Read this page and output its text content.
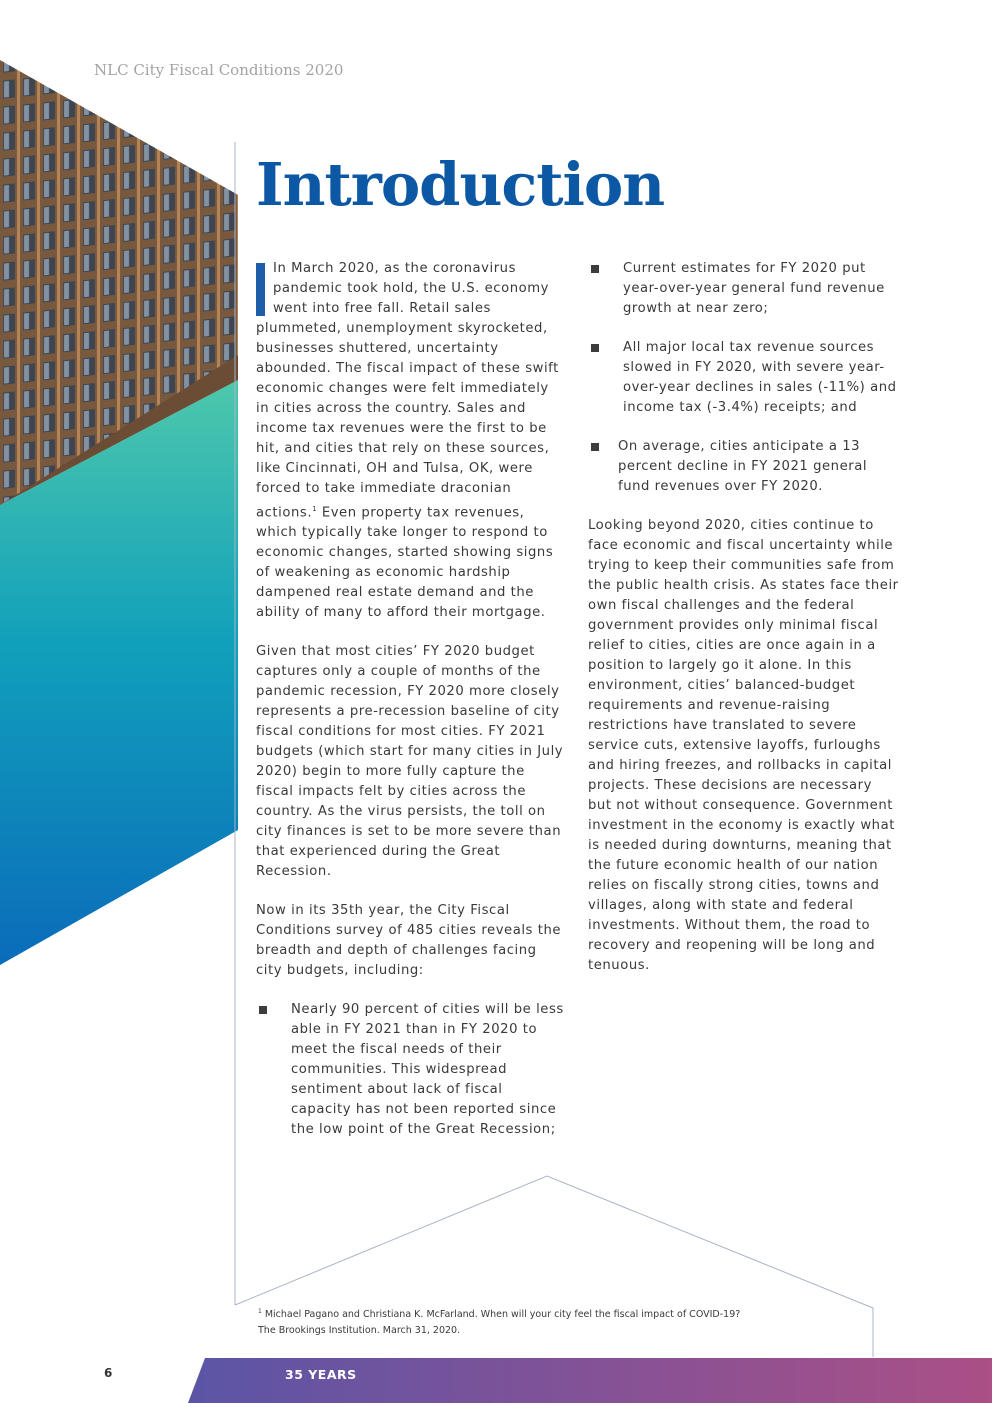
NLC City Fiscal Conditions 2020
Introduction

In March 2020, as the coronavirus pandemic took hold, the U.S. economy went into free fall. Retail sales plummeted, unemployment skyrocketed, businesses shuttered, uncertainty abounded. The fiscal impact of these swift economic changes were felt immediately in cities across the country. Sales and income tax revenues were the first to be hit, and cities that rely on these sources, like Cincinnati, OH and Tulsa, OK, were forced to take immediate draconian actions.$^1$ Even property tax revenues, which typically take longer to respond to economic changes, started showing signs of weakening as economic hardship dampened real estate demand and the ability of many to afford their mortgage.

Given that most cities’ FY 2020 budget captures only a couple of months of the pandemic recession, FY 2020 more closely represents a pre-recession baseline of city fiscal conditions for most cities. FY 2021 budgets (which start for many cities in July 2020) begin to more fully capture the fiscal impacts felt by cities across the country. As the virus persists, the toll on city finances is set to be more severe than that experienced during the Great Recession.

Now in its 35th year, the City Fiscal Conditions survey of 485 cities reveals the breadth and depth of challenges facing city budgets, including:

Nearly 90 percent of cities will be less able in FY 2021 than in FY 2020 to meet the fiscal needs of their communities. This widespread sentiment about lack of fiscal capacity has not been reported since the low point of the Great Recession;
Current estimates for FY 2020 put year-over-year general fund revenue growth at near zero;
All major local tax revenue sources slowed in FY 2020, with severe year-over-year declines in sales (-11%) and income tax (-3.4%) receipts; and
On average, cities anticipate a 13 percent decline in FY 2021 general fund revenues over FY 2020.

Looking beyond 2020, cities continue to face economic and fiscal uncertainty while trying to keep their communities safe from the public health crisis. As states face their own fiscal challenges and the federal government provides only minimal fiscal relief to cities, cities are once again in a position to largely go it alone. In this environment, cities’ balanced-budget requirements and revenue-raising restrictions have translated to severe service cuts, extensive layoffs, furloughs and hiring freezes, and rollbacks in capital projects. These decisions are necessary but not without consequence. Government investment in the economy is exactly what is needed during downturns, meaning that the future economic health of our nation relies on fiscally strong cities, towns and villages, along with state and federal investments. Without them, the road to recovery and reopening will be long and tenuous.

$^1$ Michael Pagano and Christiana K. McFarland. When will your city feel the fiscal impact of COVID-19?
The Brookings Institution. March 31, 2020.
6	35 YEARS
